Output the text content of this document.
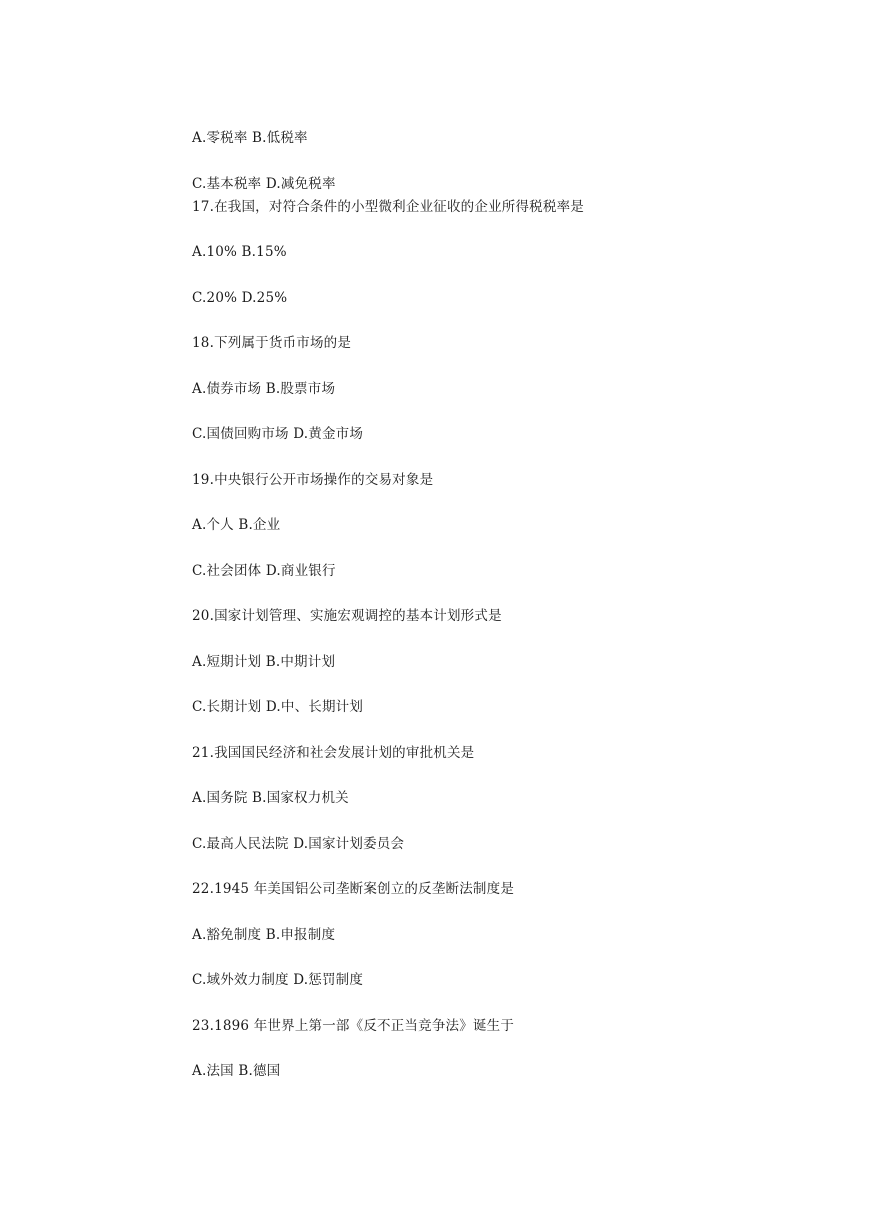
A.零税率 B.低税率
C.基本税率 D.减免税率
17.在我国，对符合条件的小型微利企业征收的企业所得税税率是
A.10% B.15%
C.20% D.25%
18.下列属于货币市场的是
A.债券市场 B.股票市场
C.国债回购市场 D.黄金市场
19.中央银行公开市场操作的交易对象是
A.个人 B.企业
C.社会团体 D.商业银行
20.国家计划管理、实施宏观调控的基本计划形式是
A.短期计划 B.中期计划
C.长期计划 D.中、长期计划
21.我国国民经济和社会发展计划的审批机关是
A.国务院 B.国家权力机关
C.最高人民法院 D.国家计划委员会
22.1945 年美国铝公司垄断案创立的反垄断法制度是
A.豁免制度 B.申报制度
C.域外效力制度 D.惩罚制度
23.1896 年世界上第一部《反不正当竞争法》诞生于
A.法国 B.德国
